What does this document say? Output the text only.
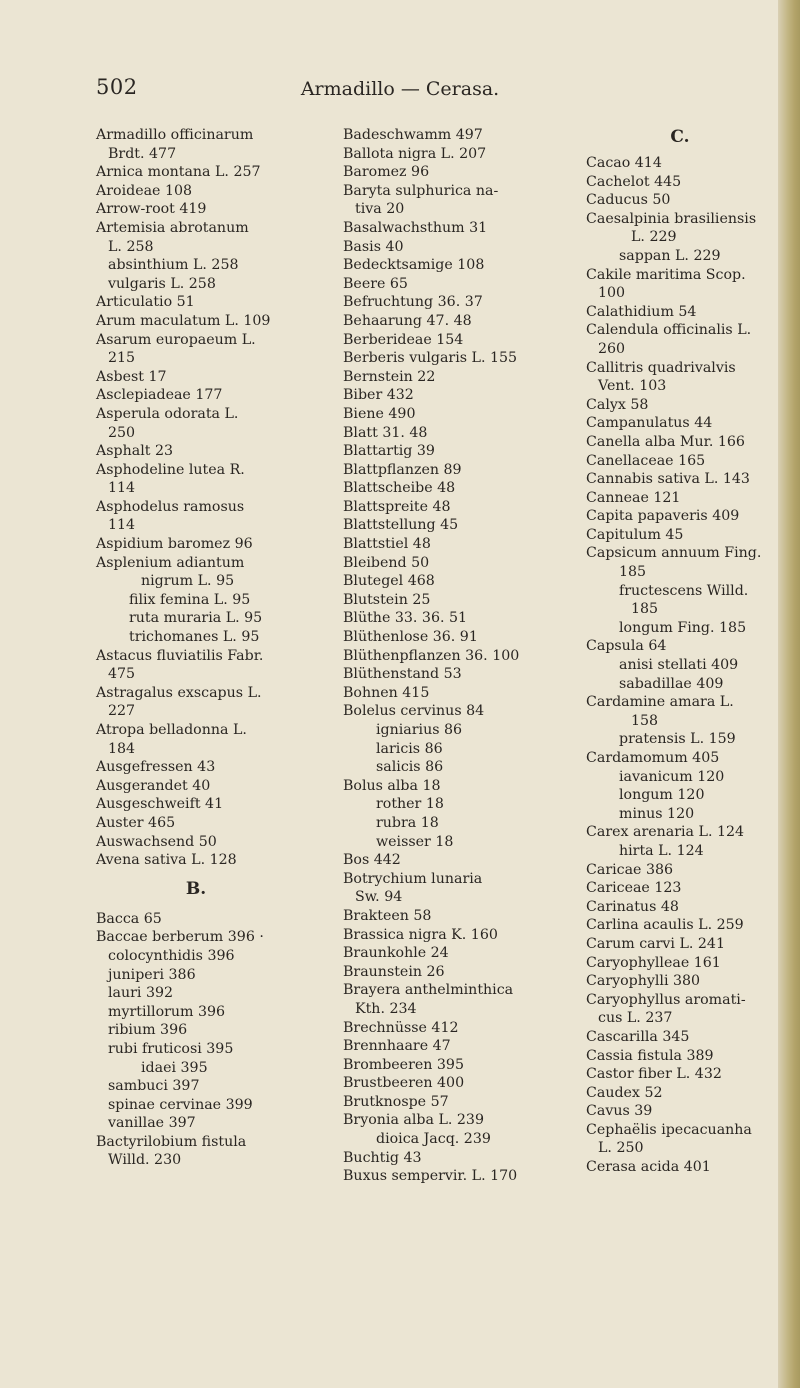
502	Armadillo — Cerasa.
Armadillo officinarum
Brdt. 477
Arnica montana L. 257
Aroideae 108
Arrow-root 419
Artemisia abrotanum
L. 258
absinthium L. 258
vulgaris L. 258
Articulatio 51
Arum maculatum L. 109
Asarum europaeum L.
215
Asbest 17
Asclepiadeae 177
Asperula odorata L.
250
Asphalt 23
Asphodeline lutea R.
114
Asphodelus ramosus
114
Aspidium baromez 96
Asplenium adiantum
nigrum L. 95
filix femina L. 95
ruta muraria L. 95
trichomanes L. 95
Astacus fluviatilis Fabr.
475
Astragalus exscapus L.
227
Atropa belladonna L.
184
Ausgefressen 43
Ausgerandet 40
Ausgeschweift 41
Auster 465
Auswachsend 50
Avena sativa L. 128
B.
Bacca 65
Baccae berberum 396 ·
colocynthidis 396
juniperi 386
lauri 392
myrtillorum 396
ribium 396
rubi fruticosi 395
idaei 395
sambuci 397
spinae cervinae 399
vanillae 397
Bactyrilobium fistula
Willd. 230
Badeschwamm 497
Ballota nigra L. 207
Baromez 96
Baryta sulphurica na-
tiva 20
Basalwachsthum 31
Basis 40
Bedecktsamige 108
Beere 65
Befruchtung 36. 37
Behaarung 47. 48
Berberideae 154
Berberis vulgaris L. 155
Bernstein 22
Biber 432
Biene 490
Blatt 31. 48
Blattartig 39
Blattpflanzen 89
Blattscheibe 48
Blattspreite 48
Blattstellung 45
Blattstiel 48
Bleibend 50
Blutegel 468
Blutstein 25
Blüthe 33. 36. 51
Blüthenlose 36. 91
Blüthenpflanzen 36. 100
Blüthenstand 53
Bohnen 415
Bolelus cervinus 84
igniarius 86
laricis 86
salicis 86
Bolus alba 18
rother 18
rubra 18
weisser 18
Bos 442
Botrychium lunaria
Sw. 94
Brakteen 58
Brassica nigra K. 160
Braunkohle 24
Braunstein 26
Brayera anthelminthica
Kth. 234
Brechnüsse 412
Brennhaare 47
Brombeeren 395
Brustbeeren 400
Brutknospe 57
Bryonia alba L. 239
dioica Jacq. 239
Buchtig 43
Buxus sempervir. L. 170
C.
Cacao 414
Cachelot 445
Caducus 50
Caesalpinia brasiliensis
L. 229
sappan L. 229
Cakile maritima Scop.
100
Calathidium 54
Calendula officinalis L.
260
Callitris quadrivalvis
Vent. 103
Calyx 58
Campanulatus 44
Canella alba Mur. 166
Canellaceae 165
Cannabis sativa L. 143
Canneae 121
Capita papaveris 409
Capitulum 45
Capsicum annuum Fing.
185
fructescens Willd.
185
longum Fing. 185
Capsula 64
anisi stellati 409
sabadillae 409
Cardamine amara L.
158
pratensis L. 159
Cardamomum 405
iavanicum 120
longum 120
minus 120
Carex arenaria L. 124
hirta L. 124
Caricae 386
Cariceae 123
Carinatus 48
Carlina acaulis L. 259
Carum carvi L. 241
Caryophylleae 161
Caryophylli 380
Caryophyllus aromati-
cus L. 237
Cascarilla 345
Cassia fistula 389
Castor fiber L. 432
Caudex 52
Cavus 39
Cephaëlis ipecacuanha
L. 250
Cerasa acida 401
